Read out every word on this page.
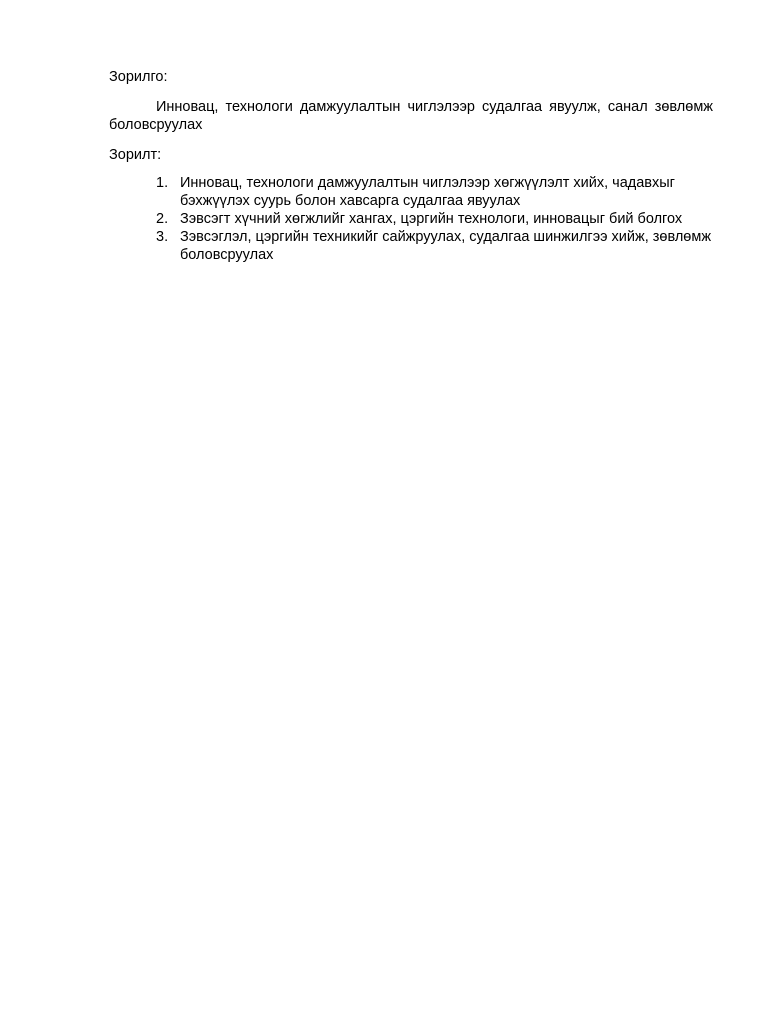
Зорилго:

Инновац, технологи дамжуулалтын чиглэлээр судалгаа явуулж, санал зөвлөмж боловсруулах

Зорилт:

1. Инновац, технологи дамжуулалтын чиглэлээр хөгжүүлэлт хийх, чадавхыг бэхжүүлэх суурь болон хавсарга судалгаа явуулах
2. Зэвсэгт хүчний хөгжлийг хангах, цэргийн технологи, инновацыг бий болгох
3. Зэвсэглэл, цэргийн техникийг сайжруулах, судалгаа шинжилгээ хийж, зөвлөмж боловсруулах
